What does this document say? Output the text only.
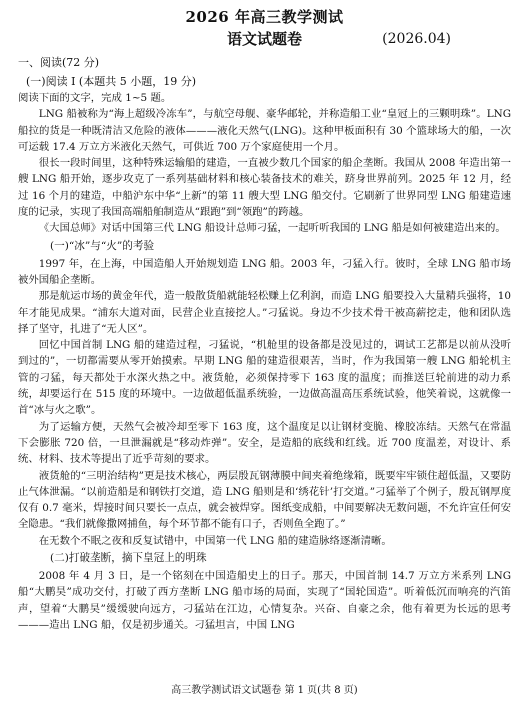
2026 年高三教学测试
语文试题卷	(2026.04)
一、阅读(72 分)
(一)阅读 I (本题共 5 小题，19 分)

阅读下面的文字，完成 1~5 题。

LNG 船被称为“海上超级冷冻车”，与航空母舰、豪华邮轮，并称造船工业“皇冠上的三颗明珠”。LNG 船拉的货是一种既清洁又危险的液体———液化天然气(LNG)。这种甲板面积有 30 个篮球场大的船，一次可运载 17.4 万立方米液化天然气，可供近 700 万个家庭使用一个月。

很长一段时间里，这种特殊运输船的建造，一直被少数几个国家的船企垄断。我国从 2008 年造出第一艘 LNG 船开始，逐步攻克了一系列基础材料和核心装备技术的难关，跻身世界前列。2025 年 12 月，经过 16 个月的建造，中船沪东中华“上新”的第 11 艘大型 LNG 船交付。它刷新了世界同型 LNG 船建造速度的记录，实现了我国高端船舶制造从“跟跑”到“领跑”的跨越。

《大国总师》对话中国第三代 LNG 船设计总师刁猛，一起听听我国的 LNG 船是如何被建造出来的。

(一)“冰”与“火”的考验

1997 年，在上海，中国造船人开始规划造 LNG 船。2003 年，刁猛入行。彼时，全球 LNG 船市场被外国船企垄断。

那是航运市场的黄金年代，造一般散货船就能轻松赚上亿利润，而造 LNG 船要投入大量精兵强将，10 年才能见成果。“浦东大道对面，民营企业直接挖人。”刁猛说。身边不少技术骨干被高薪挖走，他和团队选择了坚守，扎进了“无人区”。

回忆中国首制 LNG 船的建造过程，刁猛说，“机舱里的设备都是没见过的，调试工艺都是以前从没听到过的”，一切都需要从零开始摸索。早期 LNG 船的建造很艰苦，当时，作为我国第一艘 LNG 船轮机主管的刁猛，每天都处于水深火热之中。液货舱，必须保持零下 163 度的温度；而推送巨轮前进的动力系统，却要运行在 515 度的环境中。一边做超低温系统验，一边做高温高压系统试验，他笑着说，这就像一首“冰与火之歌”。

为了运输方便，天然气会被冷却至零下 163 度，这个温度足以让钢材变脆、橡胶冻结。天然气在常温下会膨胀 720 倍，一旦泄漏就是“移动炸弹”。安全，是造船的底线和红线。近 700 度温差，对设计、系统、材料、技术等提出了近乎苛刻的要求。

液货舱的“三明治结构”更是技术核心，两层殷瓦钢薄膜中间夹着绝缘箱，既要牢牢锁住超低温，又要防止气体泄漏。“以前造船是和钢铁打交道，造 LNG 船则是和‘绣花针’打交道。”刁猛举了个例子，殷瓦钢厚度仅有 0.7 毫米，焊接时间只要长一点点，就会被焊穿。图纸变成船，中间要解决无数问题，不允许宣任何安全隐患。“我们就像撒网捕鱼，每个环节都不能有口子，否则鱼全跑了。”

在无数个不眠之夜和反复试错中，中国第一代 LNG 船的建造脉络逐渐清晰。

(二)打破垄断，摘下皇冠上的明珠

2008 年 4 月 3 日，是一个铭刻在中国造船史上的日子。那天，中国首制 14.7 万立方米系列 LNG 船“大鹏昊”成功交付，打破了西方垄断 LNG 船市场的局面，实现了“国轮国造”。听着低沉而响亮的汽笛声，望着“大鹏昊”缓缓驶向远方，刁猛站在江边，心情复杂。兴奋、自豪之余，他有着更为长远的思考———造出 LNG 船，仅是初步通关。刁猛坦言，中国 LNG

高三教学测试语文试题卷 第 1 页(共 8 页)
